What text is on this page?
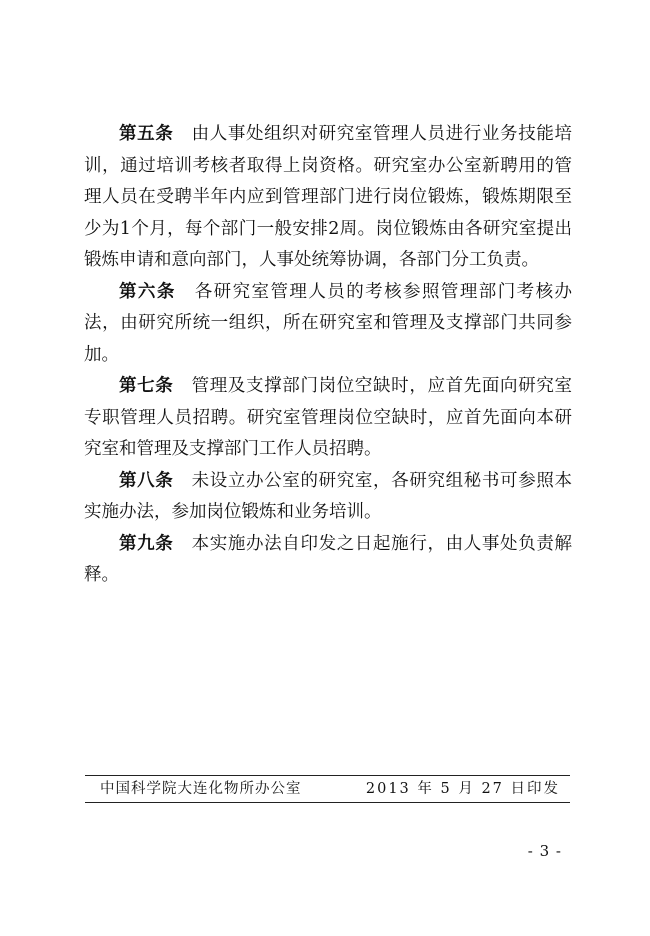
第五条  由人事处组织对研究室管理人员进行业务技能培训，通过培训考核者取得上岗资格。研究室办公室新聘用的管理人员在受聘半年内应到管理部门进行岗位锻炼，锻炼期限至少为1个月，每个部门一般安排2周。岗位锻炼由各研究室提出锻炼申请和意向部门，人事处统筹协调，各部门分工负责。

第六条  各研究室管理人员的考核参照管理部门考核办法，由研究所统一组织，所在研究室和管理及支撑部门共同参加。

第七条  管理及支撑部门岗位空缺时，应首先面向研究室专职管理人员招聘。研究室管理岗位空缺时，应首先面向本研究室和管理及支撑部门工作人员招聘。

第八条  未设立办公室的研究室，各研究组秘书可参照本实施办法，参加岗位锻炼和业务培训。

第九条  本实施办法自印发之日起施行，由人事处负责解释。

中国科学院大连化物所办公室	2013 年 5 月 27 日印发
- 3 -
